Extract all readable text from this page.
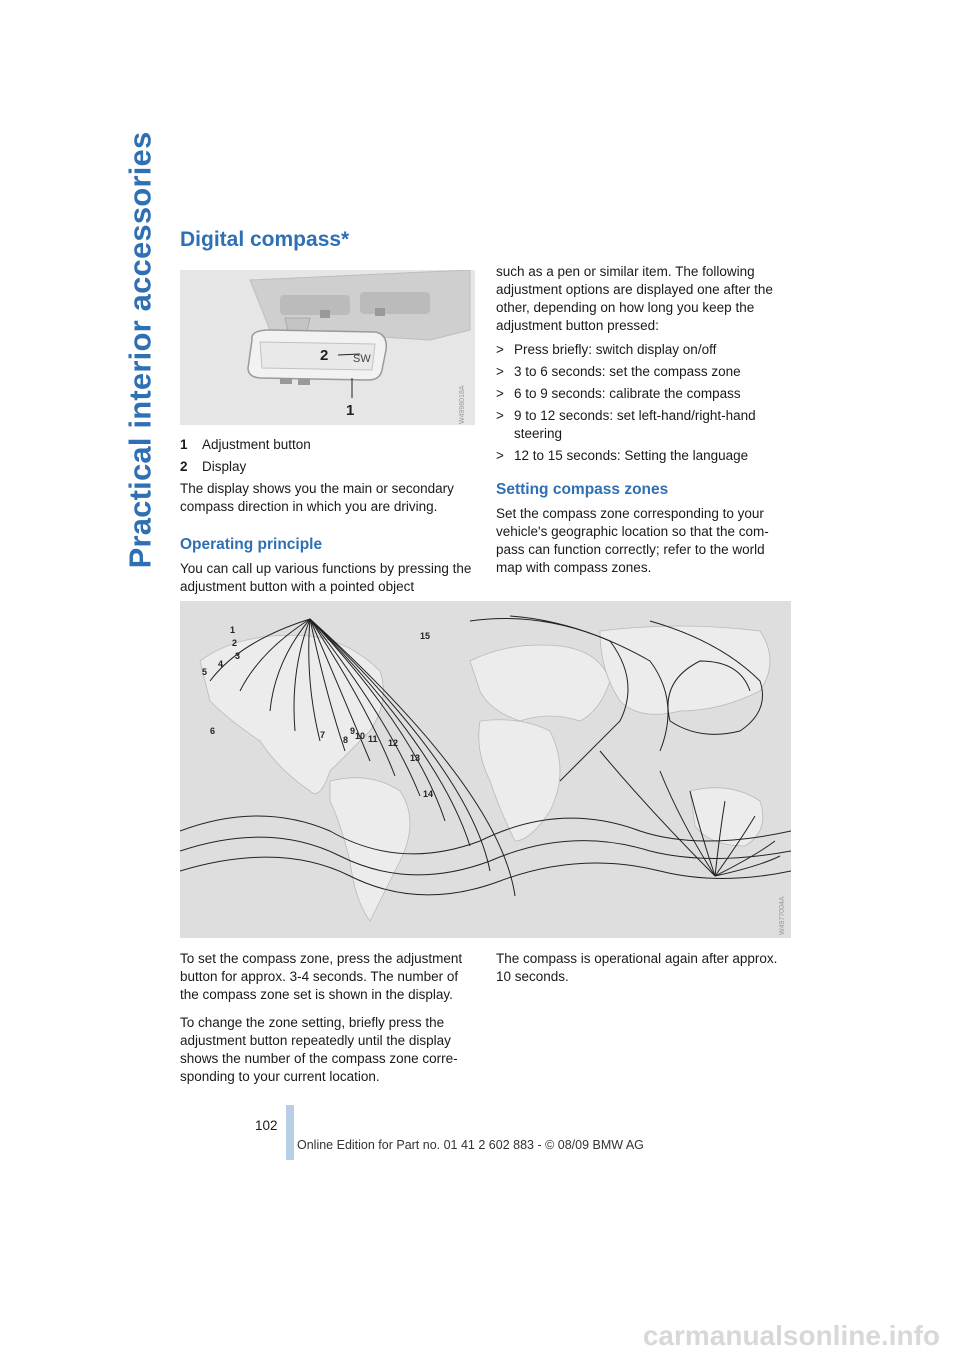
Practical interior accessories Digital compass*
2 SW
1	W4998018A
1	Adjustment button
2	Display

The display shows you the main or secondary compass direction in which you are driving.

Operating principle

You can call up various functions by pressing the adjustment button with a pointed object

such as a pen or similar item. The following adjustment options are displayed one after the other, depending on how long you keep the adjustment button pressed:

> Press briefly: switch display on/off
> 3 to 6 seconds: set the compass zone
> 6 to 9 seconds: calibrate the compass
> 9 to 12 seconds: set left-hand/right-hand steering
> 12 to 15 seconds: Setting the language
Setting compass zones

Set the compass zone corresponding to your vehicle's geographic location so that the com-pass can function correctly; refer to the world map with compass zones.

1
2
3
4
5
6	7 8
9 10 11 12
13
14
15
W4977004A

To set the compass zone, press the adjustment button for approx. 3-4 seconds. The number of the compass zone set is shown in the display.

To change the zone setting, briefly press the adjustment button repeatedly until the display shows the number of the compass zone corre-sponding to your current location.

The compass is operational again after approx. 10 seconds.

102
Online Edition for Part no. 01 41 2 602 883 - © 08/09 BMW AG
carmanualsonline.info
